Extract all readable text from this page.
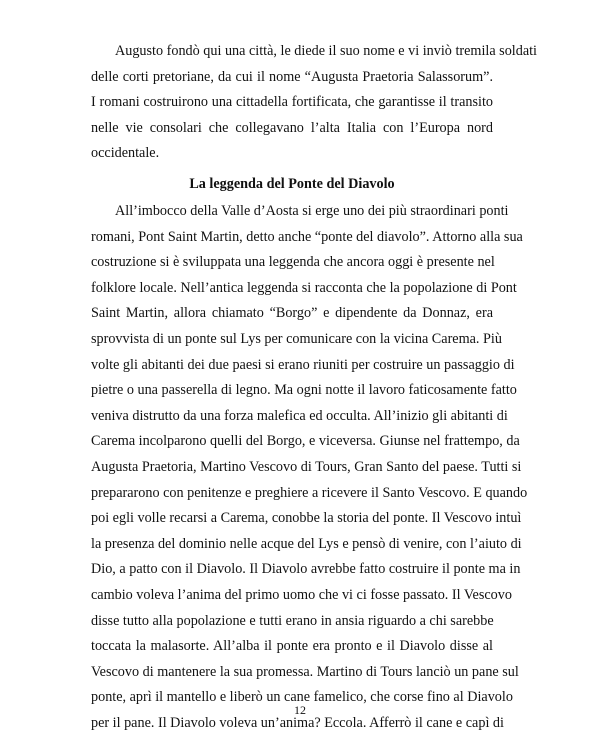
Augusto fondò qui una città, le diede il suo nome e vi inviò tremila soldati
delle corti pretoriane, da cui il nome “Augusta Praetoria Salassorum”.
I romani costruirono una cittadella fortificata, che garantisse il transito
nelle vie consolari che collegavano l’alta Italia con l’Europa nord
occidentale.
La leggenda del Ponte del Diavolo
All’imbocco della Valle d’Aosta si erge uno dei più straordinari ponti
romani, Pont Saint Martin, detto anche “ponte del diavolo”. Attorno alla sua
costruzione si è sviluppata una leggenda che ancora oggi è presente nel
folklore locale. Nell’antica leggenda si racconta che la popolazione di Pont
Saint Martin, allora chiamato “Borgo” e dipendente da Donnaz, era
sprovvista di un ponte sul Lys per comunicare con la vicina Carema. Più
volte gli abitanti dei due paesi si erano riuniti per costruire un passaggio di
pietre o una passerella di legno. Ma ogni notte il lavoro faticosamente fatto
veniva distrutto da una forza malefica ed occulta. All’inizio gli abitanti di
Carema incolparono quelli del Borgo, e viceversa. Giunse nel frattempo, da
Augusta Praetoria, Martino Vescovo di Tours, Gran Santo del paese. Tutti si
prepararono con penitenze e preghiere a ricevere il Santo Vescovo. E quando
poi egli volle recarsi a Carema, conobbe la storia del ponte. Il Vescovo intuì
la presenza del dominio nelle acque del Lys e pensò di venire, con l’aiuto di
Dio, a patto con il Diavolo. Il Diavolo avrebbe fatto costruire il ponte ma in
cambio voleva l’anima del primo uomo che vi ci fosse passato. Il Vescovo
disse tutto alla popolazione e tutti erano in ansia riguardo a chi sarebbe
toccata la malasorte. All’alba il ponte era pronto e il Diavolo disse al
Vescovo di mantenere la sua promessa. Martino di Tours lanciò un pane sul
ponte, aprì il mantello e liberò un cane famelico, che corse fino al Diavolo
per il pane. Il Diavolo voleva un’anima? Eccola. Afferrò il cane e capì di
12
